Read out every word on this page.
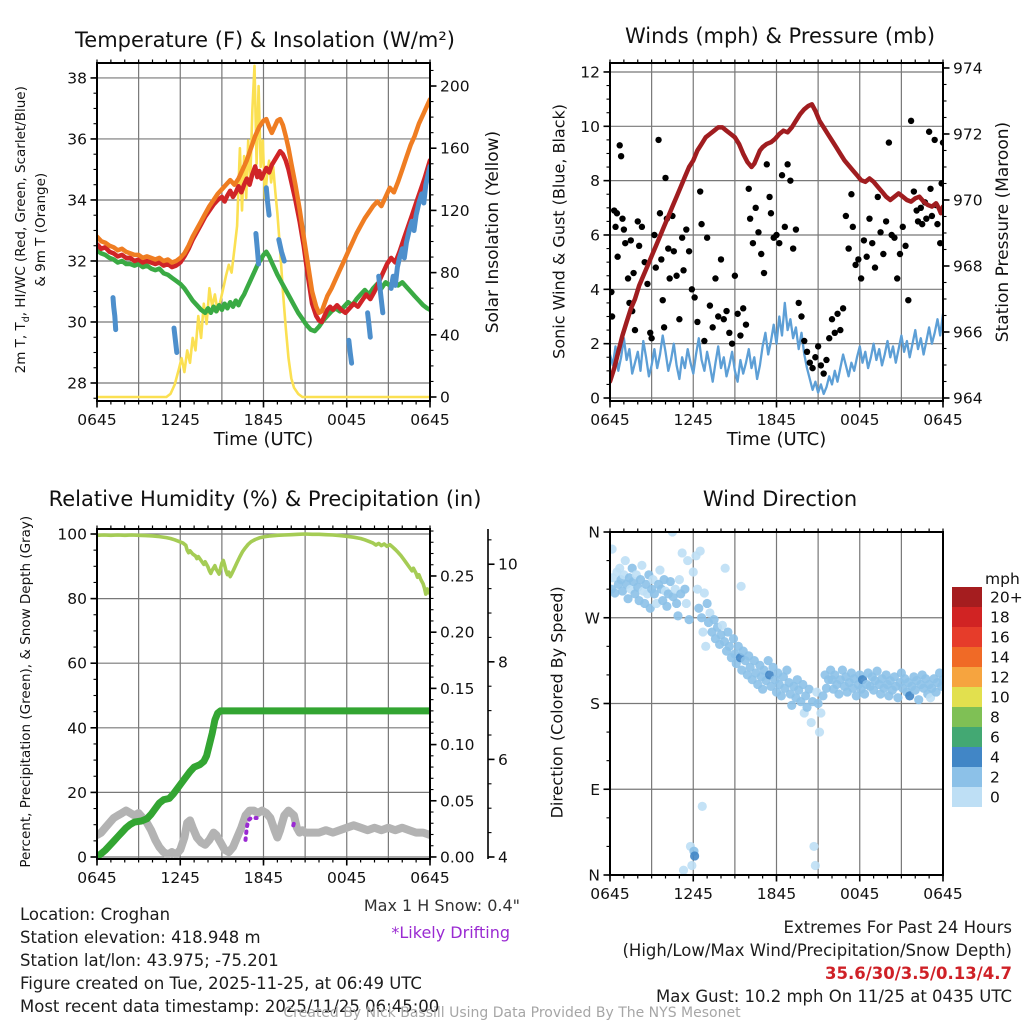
0645	1245	1845	0045	0645
28
30
32
34
36
38
0
40
80
120
160
200
0645	1245	1845	0045	0645
0
2
4
6
8
10
12
964
966
968
970
972
974
0645	1245	1845	0045	0645
0
20
40
60
80
100
0.00
0.05
0.10
0.15
0.20
0.25
4
6
8
10
0645	1245	1845	0045	0645
N
W
S
E
N
20+
18
16
14
12
10
8
6
4
2
0
Temperature (F) & Insolation (W/m²)	Winds (mph) & Pressure (mb)
Relative Humidity (%) & Precipitation (in)	Wind Direction
2m T, $T_d$, HI/WC (Red, Green, Scarlet/Blue) & 9m T (Orange)	Solar Insolation (Yellow)	Sonic Wind & Gust (Blue, Black)	Station Pressure (Maroon)
Percent, Precipitation (Green), & Snow Depth (Gray)	Direction (Colored By Speed)
Time (UTC)	Time (UTC)
mph
Location: Croghan
Station elevation: 418.948 m
Station lat/lon: 43.975; -75.201
Figure created on Tue, 2025-11-25, at 06:49 UTC
Most recent data timestamp: 2025/11/25 06:45:00
Max 1 H Snow: 0.4"
*Likely Drifting	Extremes For Past 24 Hours
(High/Low/Max Wind/Precipitation/Snow Depth)
35.6/30/3.5/0.13/4.7
Max Gust: 10.2 mph On 11/25 at 0435 UTC
Created By Nick Bassill Using Data Provided By The NYS Mesonet
